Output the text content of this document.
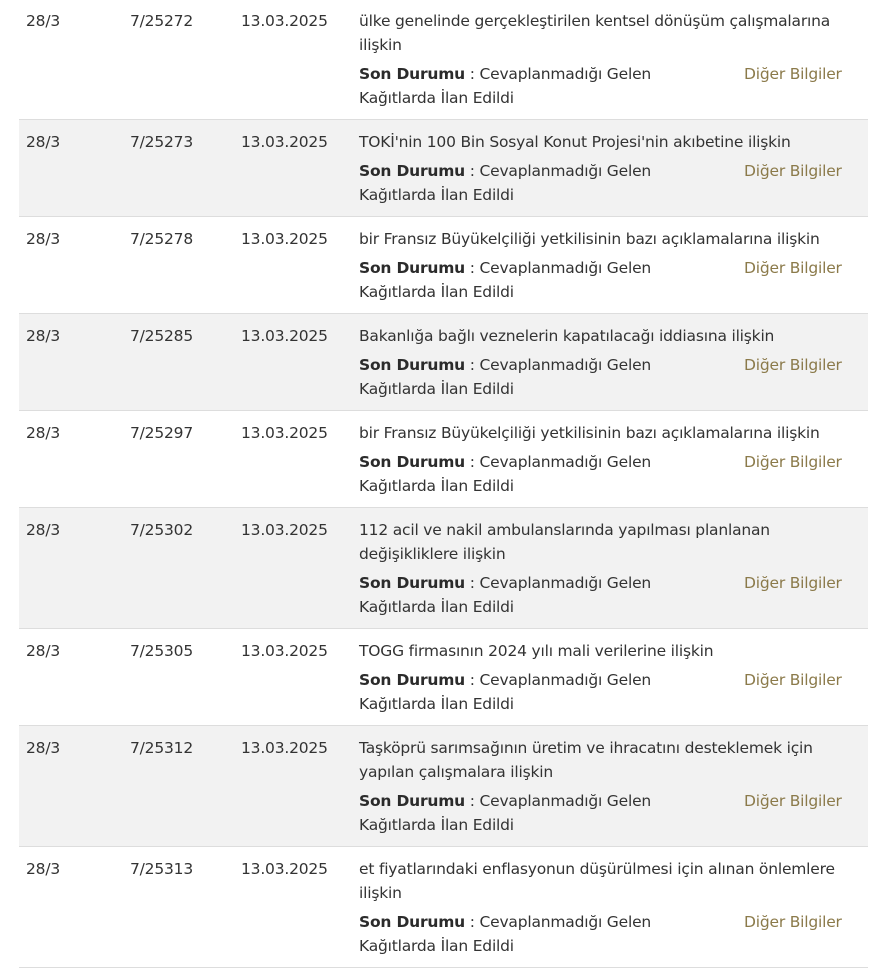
28/3	7/25272	13.03.2025	ülke genelinde gerçekleştirilen kentsel dönüşüm çalışmalarına ilişkin
Son Durumu : Cevaplanmadığı Gelen Kağıtlarda İlan Edildi
Diğer Bilgiler
28/3	7/25273	13.03.2025	TOKİ'nin 100 Bin Sosyal Konut Projesi'nin akıbetine ilişkin
Son Durumu : Cevaplanmadığı Gelen Kağıtlarda İlan Edildi
Diğer Bilgiler
28/3	7/25278	13.03.2025	bir Fransız Büyükelçiliği yetkilisinin bazı açıklamalarına ilişkin
Son Durumu : Cevaplanmadığı Gelen Kağıtlarda İlan Edildi
Diğer Bilgiler
28/3	7/25285	13.03.2025	Bakanlığa bağlı veznelerin kapatılacağı iddiasına ilişkin
Son Durumu : Cevaplanmadığı Gelen Kağıtlarda İlan Edildi
Diğer Bilgiler
28/3	7/25297	13.03.2025	bir Fransız Büyükelçiliği yetkilisinin bazı açıklamalarına ilişkin
Son Durumu : Cevaplanmadığı Gelen Kağıtlarda İlan Edildi
Diğer Bilgiler
28/3	7/25302	13.03.2025	112 acil ve nakil ambulanslarında yapılması planlanan değişikliklere ilişkin
Son Durumu : Cevaplanmadığı Gelen Kağıtlarda İlan Edildi
Diğer Bilgiler
28/3	7/25305	13.03.2025	TOGG firmasının 2024 yılı mali verilerine ilişkin
Son Durumu : Cevaplanmadığı Gelen Kağıtlarda İlan Edildi
Diğer Bilgiler
28/3	7/25312	13.03.2025	Taşköprü sarımsağının üretim ve ihracatını desteklemek için yapılan çalışmalara ilişkin
Son Durumu : Cevaplanmadığı Gelen Kağıtlarda İlan Edildi
Diğer Bilgiler
28/3	7/25313	13.03.2025	et fiyatlarındaki enflasyonun düşürülmesi için alınan önlemlere ilişkin
Son Durumu : Cevaplanmadığı Gelen Kağıtlarda İlan Edildi
Diğer Bilgiler
